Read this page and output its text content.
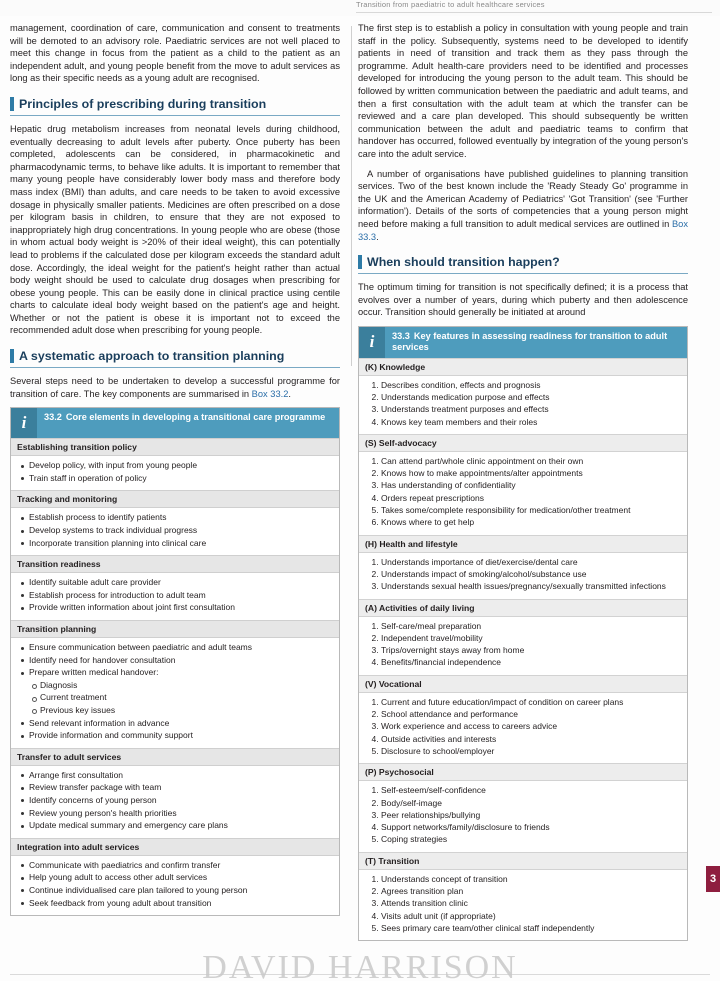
Transition from paediatric to adult healthcare services

management, coordination of care, communication and consent to treatments will be demoted to an advisory role. Paediatric services are not well placed to meet this change in focus from the patient as a child to the patient as an independent adult, and young people benefit from the move to adult services as long as their specific needs as a young adult are recognised.

Principles of prescribing during transition

Hepatic drug metabolism increases from neonatal levels during childhood, eventually decreasing to adult levels after puberty. Once puberty has been completed, adolescents can be considered, in pharmacokinetic and pharmacodynamic terms, to behave like adults. It is important to remember that many young people have considerably lower body mass and therefore body mass index (BMI) than adults, and care needs to be taken to avoid excessive dosage in physically smaller patients. Medicines are often prescribed on a dose per kilogram basis in children, to ensure that they are not exposed to inappropriately high drug concentrations. In young people who are obese (those in whom actual body weight is >20% of their ideal weight), this can potentially lead to problems if the calculated dose per kilogram exceeds the standard adult dose. Accordingly, the ideal weight for the patient's height rather than actual body weight should be used to calculate drug dosages when prescribing for obese young people. This can be easily done in clinical practice using centile charts to calculate ideal body weight based on the patient's age and height. Whether or not the patient is obese it is important not to exceed the recommended adult dose when prescribing for young people.

A systematic approach to transition planning

Several steps need to be undertaken to develop a successful programme for transition of care. The key components are summarised in Box 33.2.

i	33.2 Core elements in developing a transitional care programme
Establishing transition policy
Develop policy, with input from young people
Train staff in operation of policy
Tracking and monitoring
Establish process to identify patients
Develop systems to track individual progress
Incorporate transition planning into clinical care
Transition readiness
Identify suitable adult care provider
Establish process for introduction to adult team
Provide written information about joint first consultation
Transition planning
Ensure communication between paediatric and adult teams
Identify need for handover consultation
Prepare written medical handover:
Diagnosis
Current treatment
Previous key issues
Send relevant information in advance
Provide information and community support
Transfer to adult services
Arrange first consultation
Review transfer package with team
Identify concerns of young person
Review young person's health priorities
Update medical summary and emergency care plans
Integration into adult services
Communicate with paediatrics and confirm transfer
Help young adult to access other adult services
Continue individualised care plan tailored to young person
Seek feedback from young adult about transition

The first step is to establish a policy in consultation with young people and train staff in the policy. Subsequently, systems need to be developed to identify patients in need of transition and track them as they pass through the programme. Adult health-care providers need to be identified and processes developed for introducing the young person to the adult team. This should be followed by written communication between the paediatric and adult teams, and then a first consultation with the adult team at which the transfer can be reviewed and a care plan developed. This should subsequently be written communication between the adult and paediatric teams to confirm that handover has occurred, followed eventually by integration of the young person's care into the adult service.

A number of organisations have published guidelines to planning transition services. Two of the best known include the 'Ready Steady Go' programme in the UK and the American Academy of Pediatrics' 'Got Transition' (see 'Further information'). Details of the sorts of competencies that a young person might need before making a full transition to adult medical services are outlined in Box 33.3.

When should transition happen?

The optimum timing for transition is not specifically defined; it is a process that evolves over a number of years, during which puberty and then adolescence occur. Transition should generally be initiated at around

i	33.3 Key features in assessing readiness for transition to adult services
(K) Knowledge
1. Describes condition, effects and prognosis
2. Understands medication purpose and effects
3. Understands treatment purposes and effects
4. Knows key team members and their roles
(S) Self-advocacy
1. Can attend part/whole clinic appointment on their own
2. Knows how to make appointments/alter appointments
3. Has understanding of confidentiality
4. Orders repeat prescriptions
5. Takes some/complete responsibility for medication/other treatment
6. Knows where to get help
(H) Health and lifestyle
1. Understands importance of diet/exercise/dental care
2. Understands impact of smoking/alcohol/substance use
3. Understands sexual health issues/pregnancy/sexually transmitted infections
(A) Activities of daily living
1. Self-care/meal preparation
2. Independent travel/mobility
3. Trips/overnight stays away from home
4. Benefits/financial independence
(V) Vocational
1. Current and future education/impact of condition on career plans
2. School attendance and performance
3. Work experience and access to careers advice
4. Outside activities and interests
5. Disclosure to school/employer
(P) Psychosocial
1. Self-esteem/self-confidence
2. Body/self-image
3. Peer relationships/bullying
4. Support networks/family/disclosure to friends
5. Coping strategies
(T) Transition
1. Understands concept of transition
2. Agrees transition plan
3. Attends transition clinic
4. Visits adult unit (if appropriate)
5. Sees primary care team/other clinical staff independently
3
DAVID HARRISON
